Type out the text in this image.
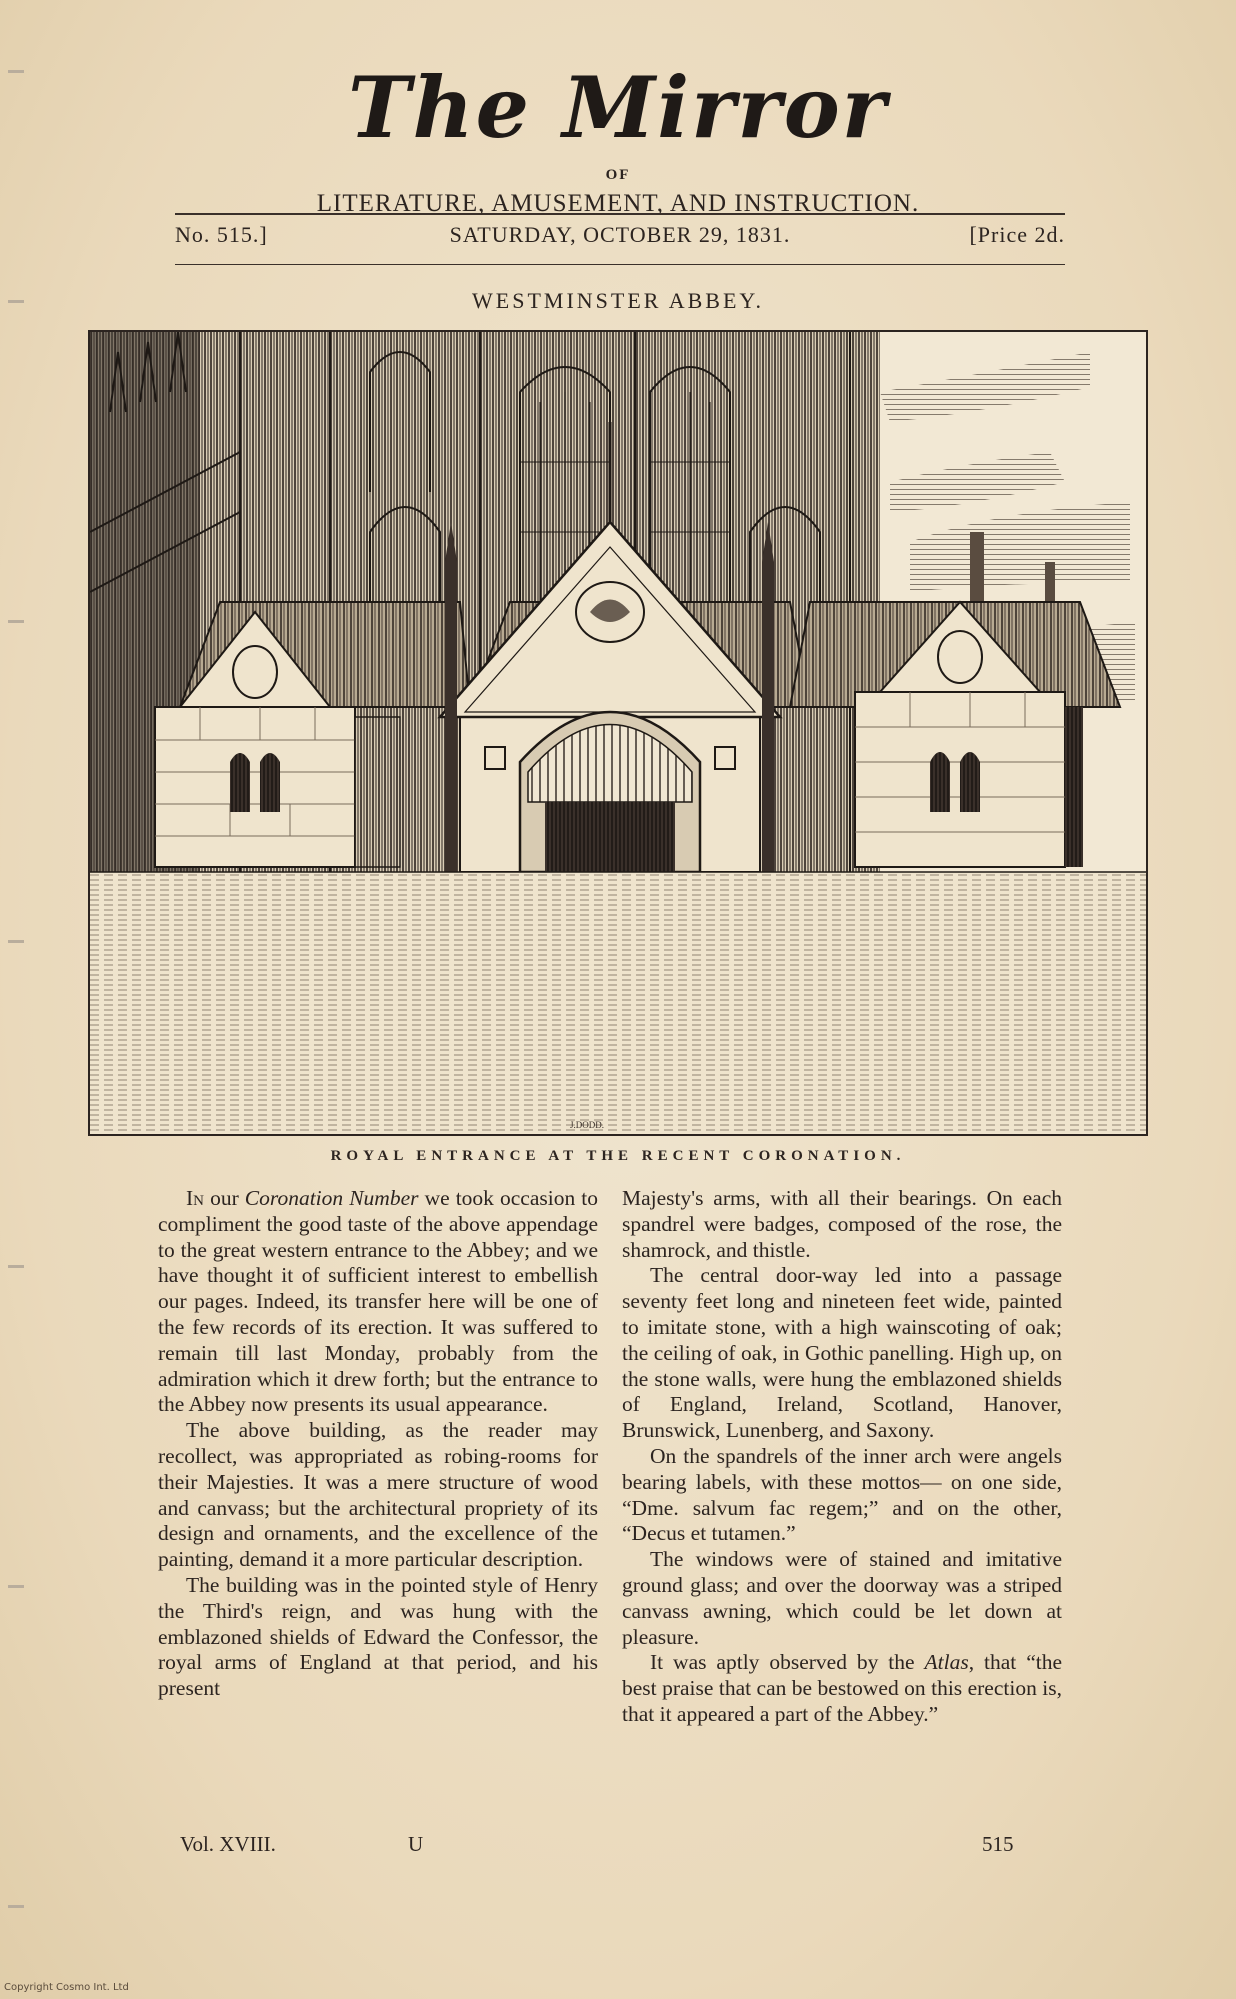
The Mirror
OF
LITERATURE, AMUSEMENT, AND INSTRUCTION.
No. 515.]	SATURDAY, OCTOBER 29, 1831.	[Price 2d.
WESTMINSTER ABBEY.
J.DODD.
ROYAL ENTRANCE AT THE RECENT CORONATION.

In our Coronation Number we took occasion to compliment the good taste of the above appendage to the great western entrance to the Abbey; and we have thought it of sufficient interest to embellish our pages. Indeed, its transfer here will be one of the few records of its erection. It was suffered to remain till last Monday, probably from the admiration which it drew forth; but the entrance to the Abbey now presents its usual appearance.

The above building, as the reader may recollect, was appropriated as robing-rooms for their Majesties. It was a mere structure of wood and canvass; but the architectural propriety of its design and ornaments, and the excellence of the painting, demand it a more particular description.

The building was in the pointed style of Henry the Third's reign, and was hung with the emblazoned shields of Edward the Confessor, the royal arms of England at that period, and his present

Majesty's arms, with all their bearings. On each spandrel were badges, composed of the rose, the shamrock, and thistle.

The central door-way led into a passage seventy feet long and nineteen feet wide, painted to imitate stone, with a high wainscoting of oak; the ceiling of oak, in Gothic panelling. High up, on the stone walls, were hung the emblazoned shields of England, Ireland, Scotland, Hanover, Brunswick, Lunenberg, and Saxony.

On the spandrels of the inner arch were angels bearing labels, with these mottos— on one side, “Dme. salvum fac regem;” and on the other, “Decus et tutamen.”

The windows were of stained and imitative ground glass; and over the doorway was a striped canvass awning, which could be let down at pleasure.

It was aptly observed by the Atlas, that “the best praise that can be bestowed on this erection is, that it appeared a part of the Abbey.”

Vol. XVIII.	U	515
Copyright Cosmo Int. Ltd
